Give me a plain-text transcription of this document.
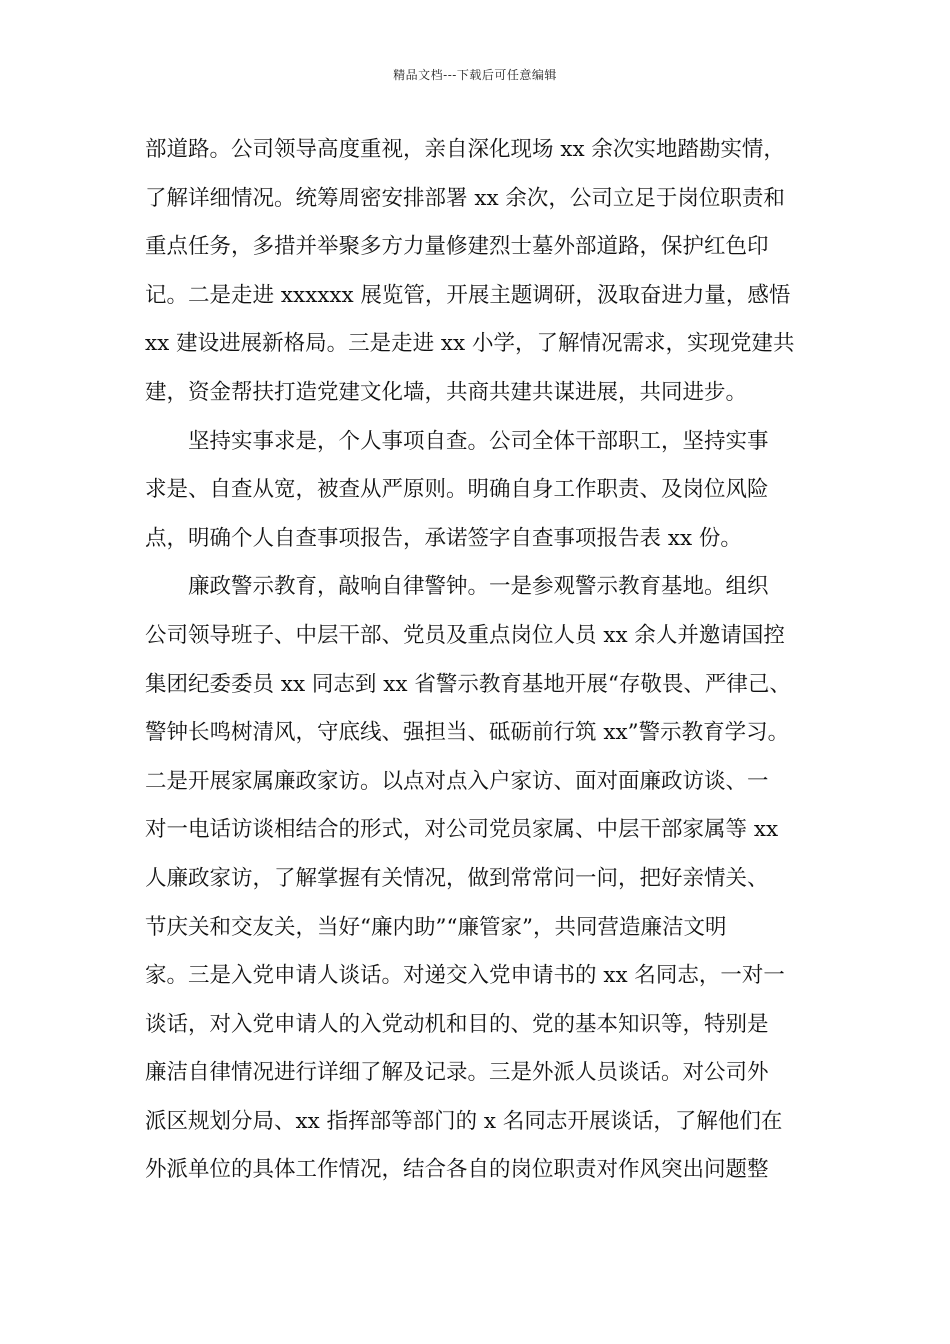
精品文档---下载后可任意编辑

部道路。公司领导高度重视，亲自深化现场 xx 余次实地踏勘实情，
了解详细情况。统筹周密安排部署 xx 余次，公司立足于岗位职责和
重点任务，多措并举聚多方力量修建烈士墓外部道路，保护红色印
记。二是走进 xxxxxx 展览管，开展主题调研，汲取奋进力量，感悟
xx 建设进展新格局。三是走进 xx 小学，了解情况需求，实现党建共
建，资金帮扶打造党建文化墙，共商共建共谋进展，共同进步。

坚持实事求是，个人事项自查。公司全体干部职工，坚持实事
求是、自查从宽，被查从严原则。明确自身工作职责、及岗位风险
点，明确个人自查事项报告，承诺签字自查事项报告表 xx 份。

廉政警示教育，敲响自律警钟。一是参观警示教育基地。组织
公司领导班子、中层干部、党员及重点岗位人员 xx 余人并邀请国控
集团纪委委员 xx 同志到 xx 省警示教育基地开展“存敬畏、严律己、
警钟长鸣树清风，守底线、强担当、砥砺前行筑 xx”警示教育学习。
二是开展家属廉政家访。以点对点入户家访、面对面廉政访谈、一
对一电话访谈相结合的形式，对公司党员家属、中层干部家属等 xx
人廉政家访，了解掌握有关情况，做到常常问一问，把好亲情关、
节庆关和交友关，当好“廉内助”“廉管家”，共同营造廉洁文明
家。三是入党申请人谈话。对递交入党申请书的 xx 名同志，一对一
谈话，对入党申请人的入党动机和目的、党的基本知识等，特别是
廉洁自律情况进行详细了解及记录。三是外派人员谈话。对公司外
派区规划分局、xx 指挥部等部门的 x 名同志开展谈话，了解他们在
外派单位的具体工作情况，结合各自的岗位职责对作风突出问题整
